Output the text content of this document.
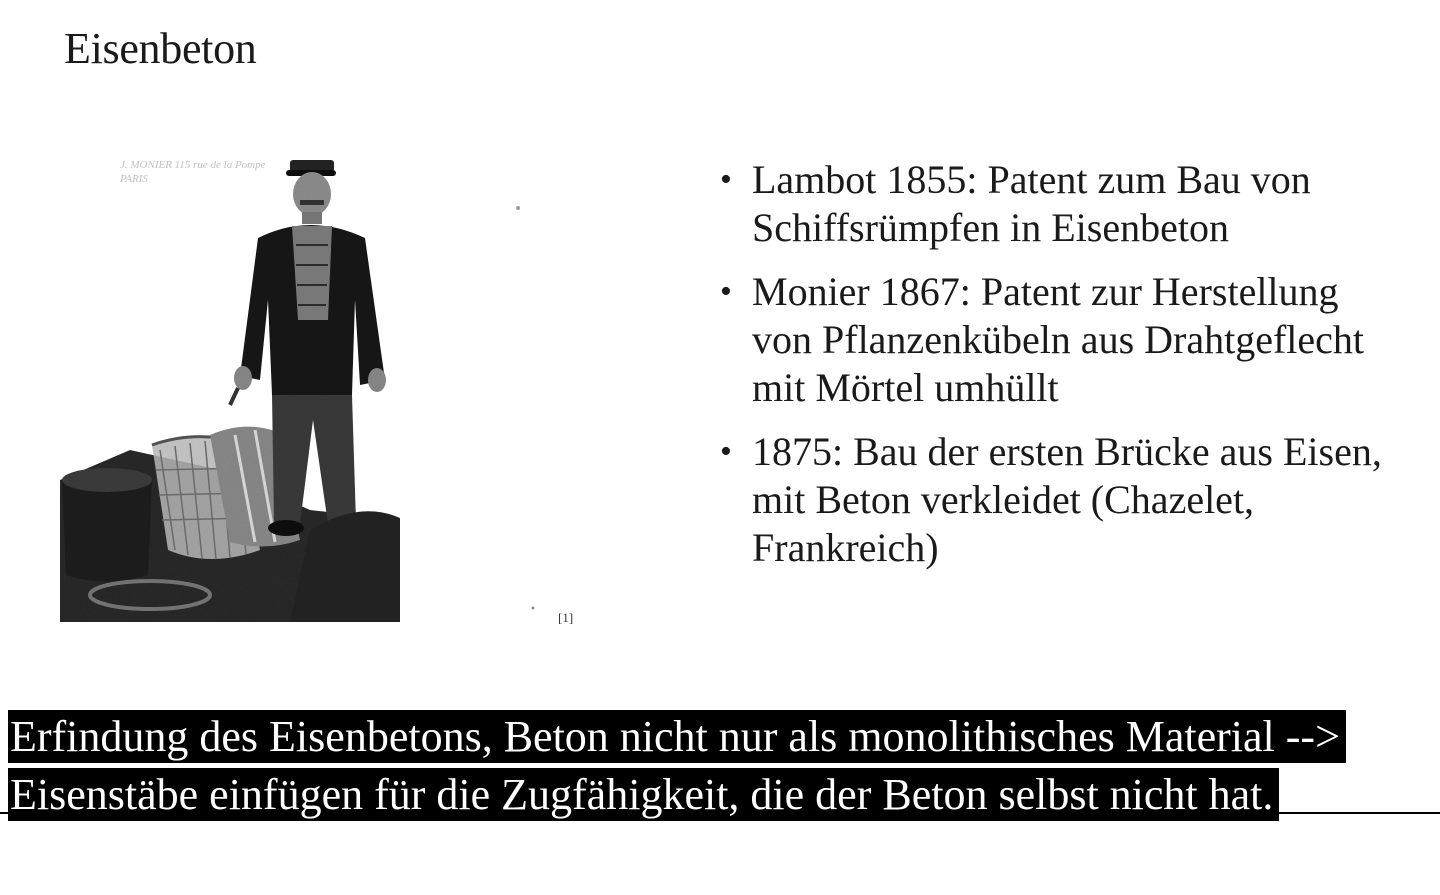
Eisenbeton
J. MONIER 115 rue de la Pompe PARIS
[1]
• Lambot 1855: Patent zum Bau von Schiffsrümpfen in Eisenbeton
• Monier 1867: Patent zur Herstellung von Pflanzenkübeln aus Drahtgeflecht mit Mörtel umhüllt
• 1875: Bau der ersten Brücke aus Eisen, mit Beton verkleidet (Chazelet, Frankreich)
Erfindung des Eisenbetons, Beton nicht nur als monolithisches Material --> Eisenstäbe einfügen für die Zugfähigkeit, die der Beton selbst nicht hat.
